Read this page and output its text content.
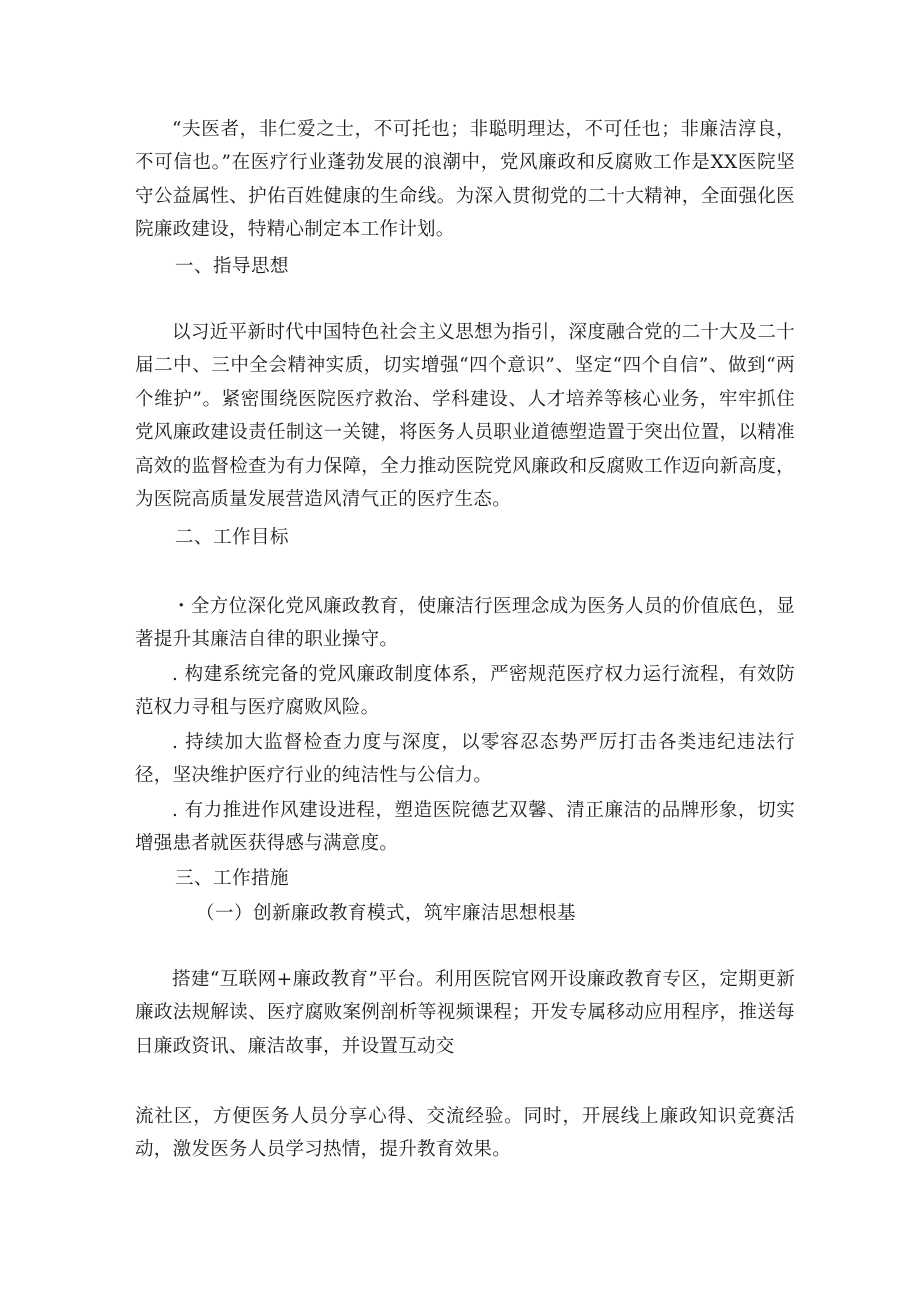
“夫医者，非仁爱之士，不可托也；非聪明理达，不可任也；非廉洁淳良，不可信也。”在医疗行业蓬勃发展的浪潮中，党风廉政和反腐败工作是XX医院坚守公益属性、护佑百姓健康的生命线。为深入贯彻党的二十大精神，全面强化医院廉政建设，特精心制定本工作计划。

一、指导思想

以习近平新时代中国特色社会主义思想为指引，深度融合党的二十大及二十届二中、三中全会精神实质，切实增强“四个意识”、坚定“四个自信”、做到“两个维护”。紧密围绕医院医疗救治、学科建设、人才培养等核心业务，牢牢抓住党风廉政建设责任制这一关键，将医务人员职业道德塑造置于突出位置，以精准高效的监督检查为有力保障，全力推动医院党风廉政和反腐败工作迈向新高度，为医院高质量发展营造风清气正的医疗生态。

二、工作目标

・全方位深化党风廉政教育，使廉洁行医理念成为医务人员的价值底色，显著提升其廉洁自律的职业操守。

. 构建系统完备的党风廉政制度体系，严密规范医疗权力运行流程，有效防范权力寻租与医疗腐败风险。

. 持续加大监督检查力度与深度，以零容忍态势严厉打击各类违纪违法行径，坚决维护医疗行业的纯洁性与公信力。

. 有力推进作风建设进程，塑造医院德艺双馨、清正廉洁的品牌形象，切实增强患者就医获得感与满意度。

三、工作措施
（一）创新廉政教育模式，筑牢廉洁思想根基

搭建“互联网+廉政教育”平台。利用医院官网开设廉政教育专区，定期更新廉政法规解读、医疗腐败案例剖析等视频课程；开发专属移动应用程序，推送每日廉政资讯、廉洁故事，并设置互动交

流社区，方便医务人员分享心得、交流经验。同时，开展线上廉政知识竞赛活动，激发医务人员学习热情，提升教育效果。
